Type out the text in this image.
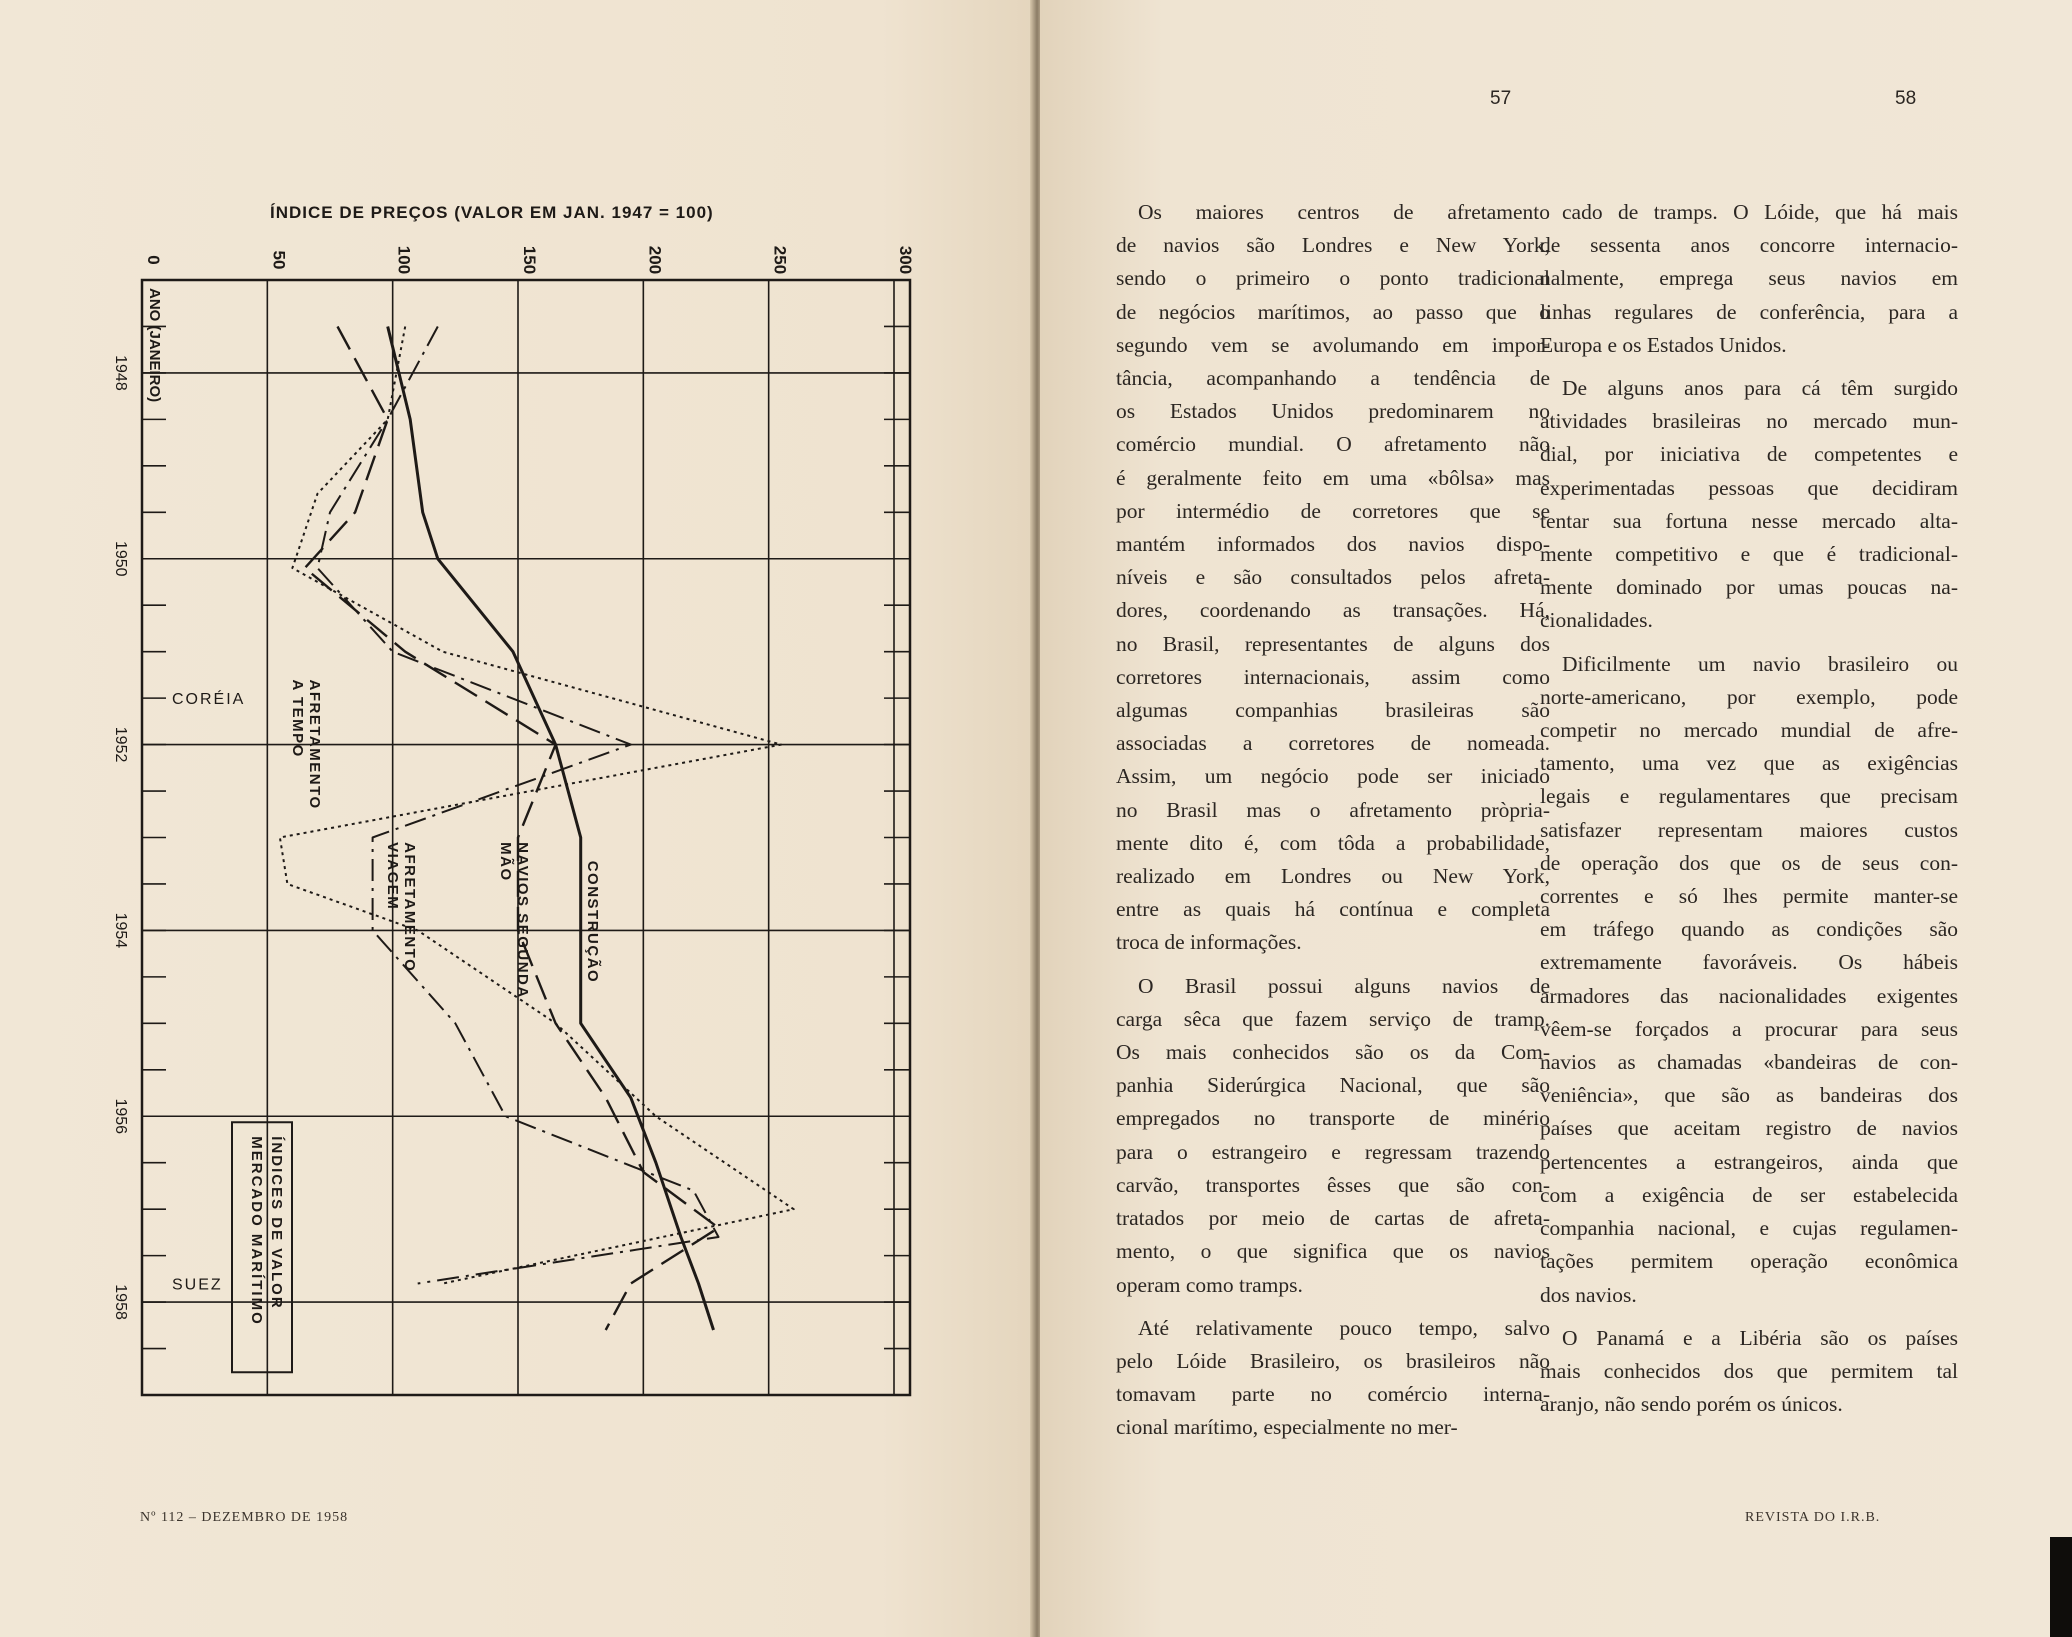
ÍNDICE DE PREÇOS (VALOR EM JAN. 1947 = 100)
0	50	100	150	200	250	300
1948
1950
1952
1954
1956
1958
ANO (JANEIRO)
CORÉIA
SUEZ
CONSTRUÇÃO
NAVIOS SEGUNDA
MÃO
AFRETAMENTO
VIAGEM
AFRETAMENTO
A TEMPO
ÍNDICES DE VALOR
MERCADO MARÍTIMO
Nº 112 – DEZEMBRO DE 1958
57	58
Os maiores centros de afretamento
de navios são Londres e New York,
sendo o primeiro o ponto tradicional
de negócios marítimos, ao passo que o
segundo vem se avolumando em impor-
tância, acompanhando a tendência de
os Estados Unidos predominarem no
comércio mundial. O afretamento não
é geralmente feito em uma «bôlsa» mas
por intermédio de corretores que se
mantém informados dos navios dispo-
níveis e são consultados pelos afreta-
dores, coordenando as transações. Há,
no Brasil, representantes de alguns dos
corretores internacionais, assim como
algumas companhias brasileiras são
associadas a corretores de nomeada.
Assim, um negócio pode ser iniciado
no Brasil mas o afretamento pròpria-
mente dito é, com tôda a probabilidade,
realizado em Londres ou New York,
entre as quais há contínua e completa
troca de informações.
O Brasil possui alguns navios de
carga sêca que fazem serviço de tramp.
Os mais conhecidos são os da Com-
panhia Siderúrgica Nacional, que são
empregados no transporte de minério
para o estrangeiro e regressam trazendo
carvão, transportes êsses que são con-
tratados por meio de cartas de afreta-
mento, o que significa que os navios
operam como tramps.
Até relativamente pouco tempo, salvo
pelo Lóide Brasileiro, os brasileiros não
tomavam parte no comércio interna-
cional marítimo, especialmente no mer-
cado de tramps. O Lóide, que há mais
de sessenta anos concorre internacio-
nalmente, emprega seus navios em
linhas regulares de conferência, para a
Europa e os Estados Unidos.
De alguns anos para cá têm surgido
atividades brasileiras no mercado mun-
dial, por iniciativa de competentes e
experimentadas pessoas que decidiram
tentar sua fortuna nesse mercado alta-
mente competitivo e que é tradicional-
mente dominado por umas poucas na-
cionalidades.
Dificilmente um navio brasileiro ou
norte-americano, por exemplo, pode
competir no mercado mundial de afre-
tamento, uma vez que as exigências
legais e regulamentares que precisam
satisfazer representam maiores custos
de operação dos que os de seus con-
correntes e só lhes permite manter-se
em tráfego quando as condições são
extremamente favoráveis. Os hábeis
armadores das nacionalidades exigentes
vêem-se forçados a procurar para seus
navios as chamadas «bandeiras de con-
veniência», que são as bandeiras dos
países que aceitam registro de navios
pertencentes a estrangeiros, ainda que
com a exigência de ser estabelecida
companhia nacional, e cujas regulamen-
tações permitem operação econômica
dos navios.
O Panamá e a Libéria são os países
mais conhecidos dos que permitem tal
aranjo, não sendo porém os únicos.
REVISTA DO I.R.B.
